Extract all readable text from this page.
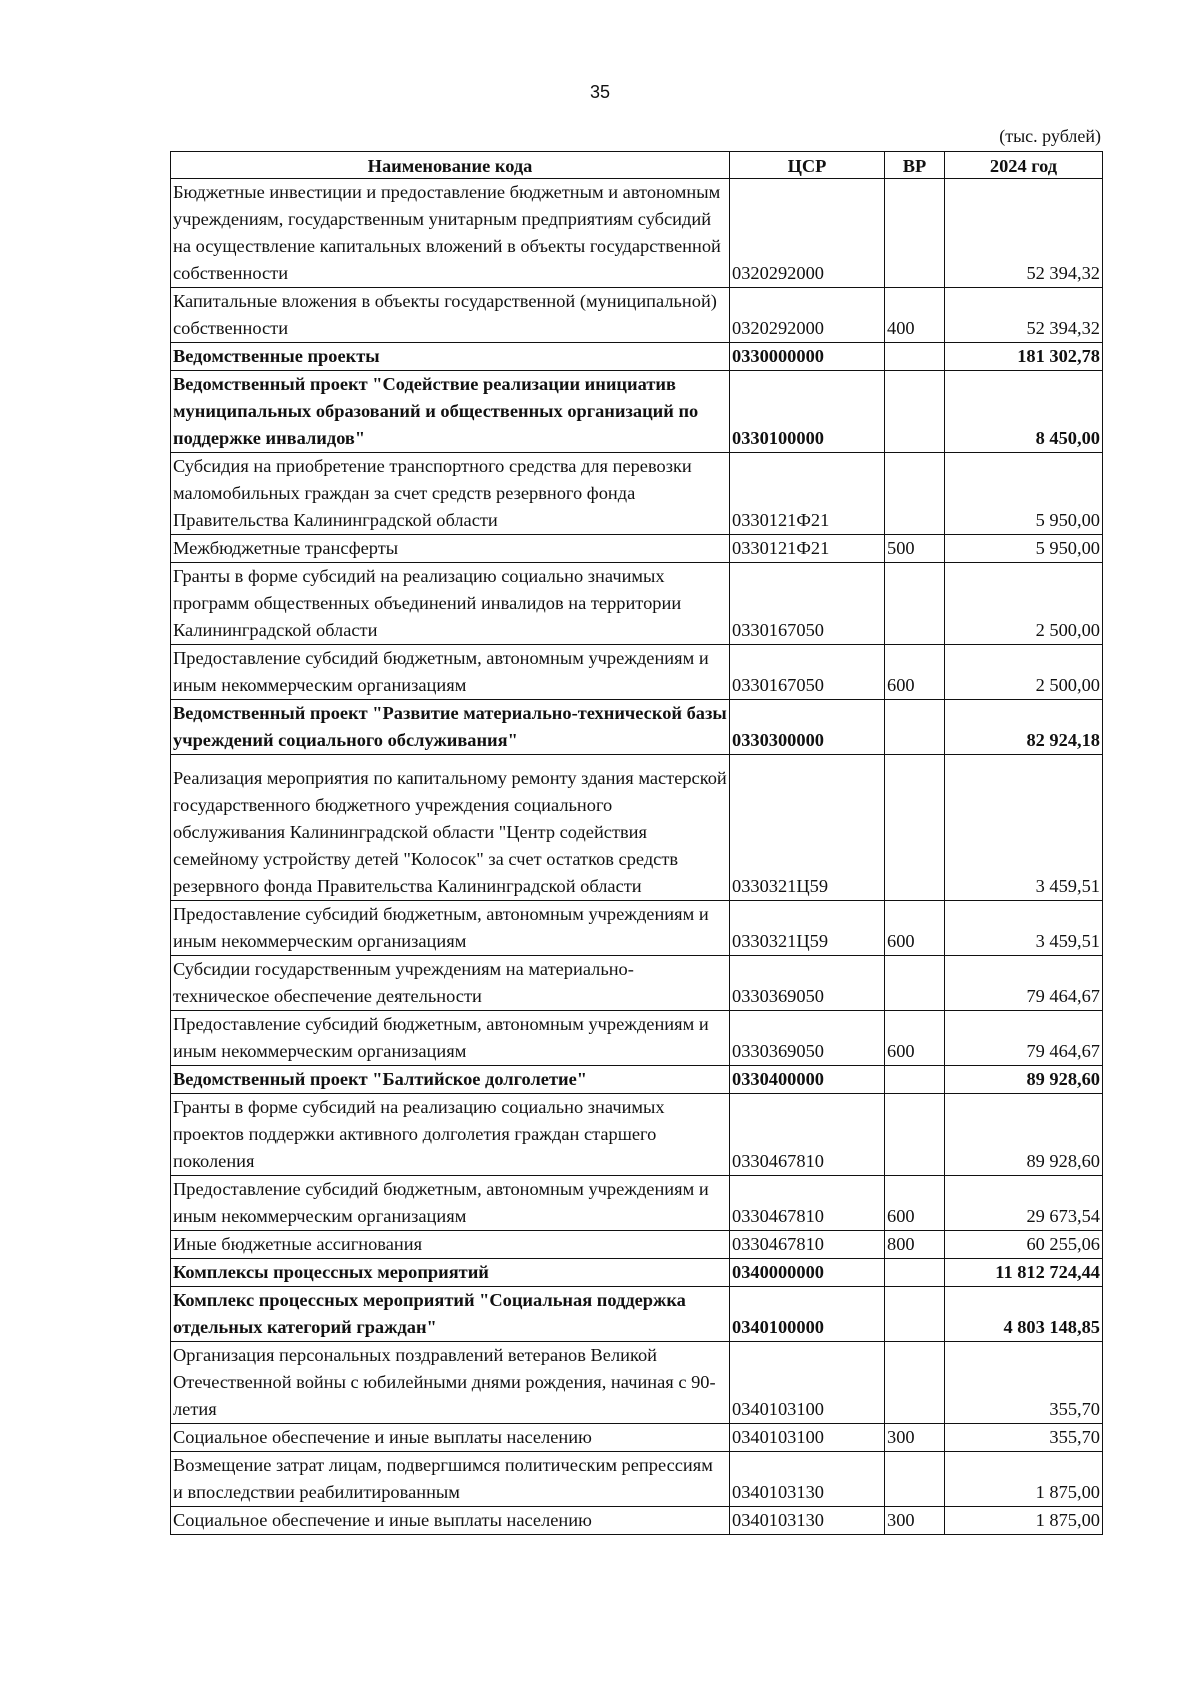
35
(тыс. рублей)
Наименование кода	ЦСР	ВР	2024 год
Бюджетные инвестиции и предоставление бюджетным и автономным учреждениям, государственным унитарным предприятиям субсидий на осуществление капитальных вложений в объекты государственной собственности	0320292000		52 394,32
Капитальные вложения в объекты государственной (муниципальной) собственности	0320292000	400	52 394,32
Ведомственные проекты	0330000000		181 302,78
Ведомственный проект "Содействие реализации инициатив муниципальных образований и общественных организаций по поддержке инвалидов"	0330100000		8 450,00
Субсидия на приобретение транспортного средства для перевозки маломобильных граждан за счет средств резервного фонда Правительства Калининградской области	0330121Ф21		5 950,00
Межбюджетные трансферты	0330121Ф21	500	5 950,00
Гранты в форме субсидий на реализацию социально значимых программ общественных объединений инвалидов на территории Калининградской области	0330167050		2 500,00
Предоставление субсидий бюджетным, автономным учреждениям и иным некоммерческим организациям	0330167050	600	2 500,00
Ведомственный проект "Развитие материально-технической базы учреждений социального обслуживания"	0330300000		82 924,18
Реализация мероприятия по капитальному ремонту здания мастерской государственного бюджетного учреждения социального обслуживания Калининградской области "Центр содействия семейному устройству детей "Колосок" за счет остатков средств резервного фонда Правительства Калининградской области	0330321Ц59		3 459,51
Предоставление субсидий бюджетным, автономным учреждениям и иным некоммерческим организациям	0330321Ц59	600	3 459,51
Субсидии государственным учреждениям на материально-техническое обеспечение деятельности	0330369050		79 464,67
Предоставление субсидий бюджетным, автономным учреждениям и иным некоммерческим организациям	0330369050	600	79 464,67
Ведомственный проект "Балтийское долголетие"	0330400000		89 928,60
Гранты в форме субсидий на реализацию социально значимых проектов поддержки активного долголетия граждан старшего поколения	0330467810		89 928,60
Предоставление субсидий бюджетным, автономным учреждениям и иным некоммерческим организациям	0330467810	600	29 673,54
Иные бюджетные ассигнования	0330467810	800	60 255,06
Комплексы процессных мероприятий	0340000000		11 812 724,44
Комплекс процессных мероприятий "Социальная поддержка отдельных категорий граждан"	0340100000		4 803 148,85
Организация персональных поздравлений ветеранов Великой Отечественной войны с юбилейными днями рождения, начиная с 90-летия	0340103100		355,70
Социальное обеспечение и иные выплаты населению	0340103100	300	355,70
Возмещение затрат лицам, подвергшимся политическим репрессиям и впоследствии реабилитированным	0340103130		1 875,00
Социальное обеспечение и иные выплаты населению	0340103130	300	1 875,00
